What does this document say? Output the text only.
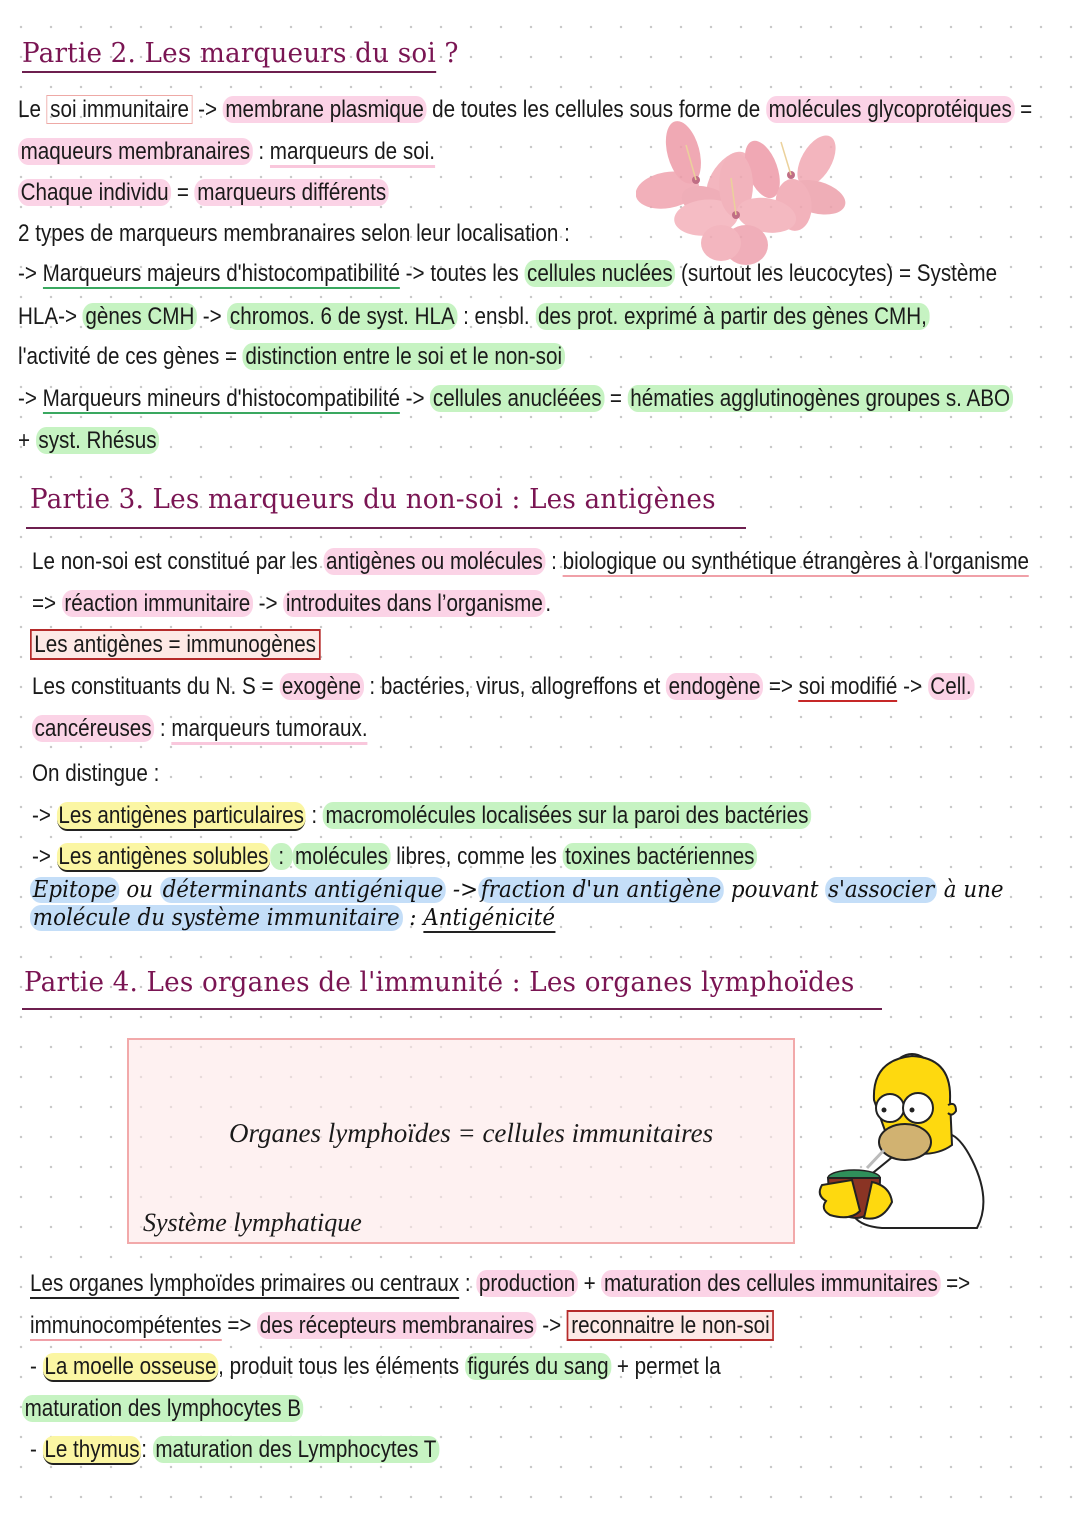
Partie 2. Les marqueurs du soi ?
Le soi immunitaire -> membrane plasmique de toutes les cellules sous forme de molécules glycoprotéiques =
maqueurs membranaires : marqueurs de soi.
Chaque individu = marqueurs différents
2 types de marqueurs membranaires selon leur localisation :
-> Marqueurs majeurs d'histocompatibilité -> toutes les cellules nuclées (surtout les leucocytes) = Système
HLA-> gènes CMH -> chromos. 6 de syst. HLA : ensbl. des prot. exprimé à partir des gènes CMH,
l'activité de ces gènes = distinction entre le soi et le non-soi
-> Marqueurs mineurs d'histocompatibilité -> cellules anucléées = hématies agglutinogènes groupes s. ABO
+ syst. Rhésus
Partie 3. Les marqueurs du non-soi : Les antigènes
Le non-soi est constitué par les antigènes ou molécules : biologique ou synthétique étrangères à l'organisme
=> réaction immunitaire -> introduites dans l’organisme .
Les antigènes = immunogènes
Les constituants du N. S = exogène : bactéries, virus, allogreffons et endogène => soi modifié -> Cell.
cancéreuses : marqueurs tumoraux.
On distingue :
-> Les antigènes particulaires : macromolécules localisées sur la paroi des bactéries
-> Les antigènes solubles : molécules libres, comme les toxines bactériennes
Epitope ou déterminants antigénique -> fraction d'un antigène pouvant s'associer à une
molécule du système immunitaire : Antigénicité
Partie 4. Les organes de l'immunité : Les organes lymphoïdes
Organes lymphoïdes = cellules immunitaires
Système lymphatique
Les organes lymphoïdes primaires ou centraux : production + maturation des cellules immunitaires =>
immunocompétentes => des récepteurs membranaires -> reconnaitre le non-soi
- La moelle osseuse, produit tous les éléments figurés du sang + permet la
maturation des lymphocytes B
- Le thymus: maturation des Lymphocytes T
